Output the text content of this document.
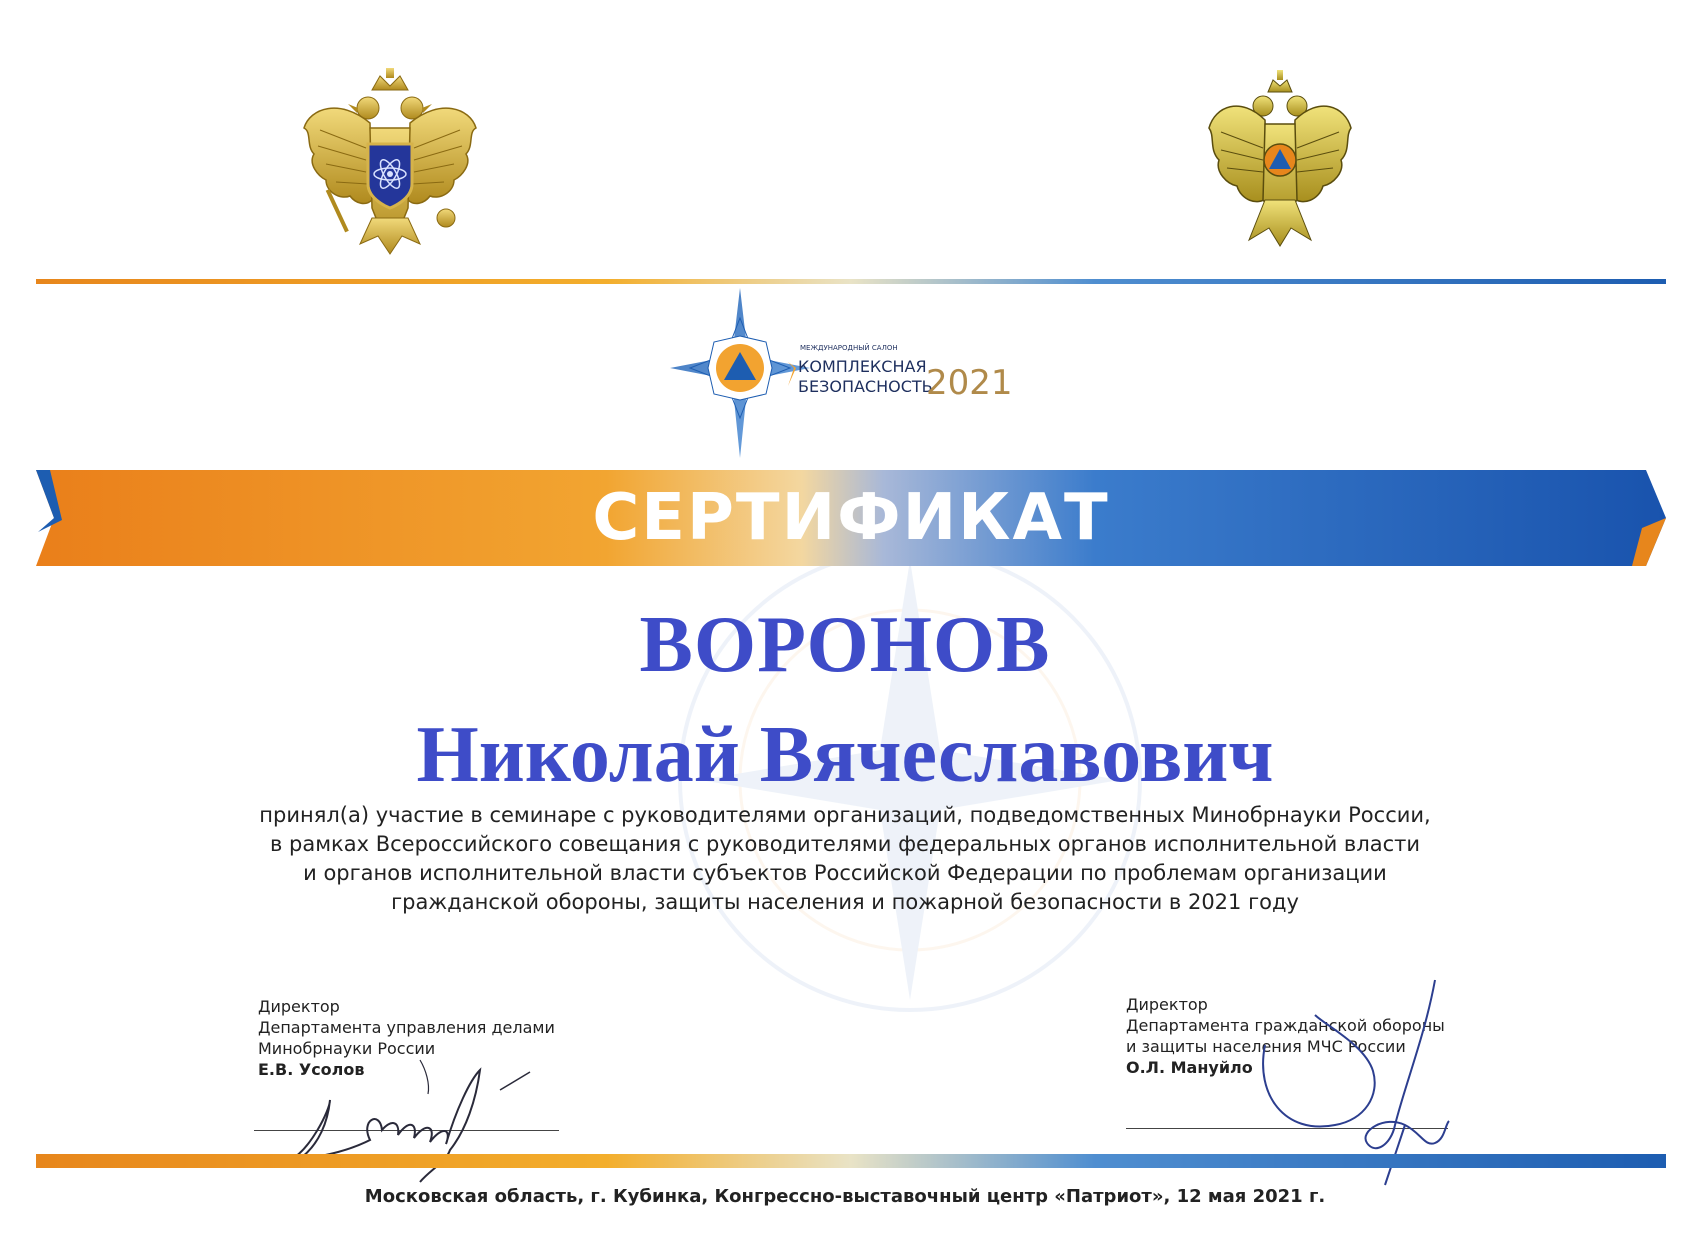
МЕЖДУНАРОДНЫЙ САЛОН
КОМПЛЕКСНАЯ
БЕЗОПАСНОСТЬ
2021
СЕРТИФИКАТ
ВОРОНОВ
Николай Вячеславович
принял(а) участие в семинаре с руководителями организаций, подведомственных Минобрнауки России,
в рамках Всероссийского совещания с руководителями федеральных органов исполнительной власти
и органов исполнительной власти субъектов Российской Федерации по проблемам организации
гражданской обороны, защиты населения и пожарной безопасности в 2021 году
Директор
Департамента управления делами
Минобрнауки России
Е.В. Усолов
Директор
Департамента гражданской обороны
и защиты населения МЧС России
О.Л. Мануйло
Московская область, г. Кубинка, Конгрессно-выставочный центр «Патриот», 12 мая 2021 г.
